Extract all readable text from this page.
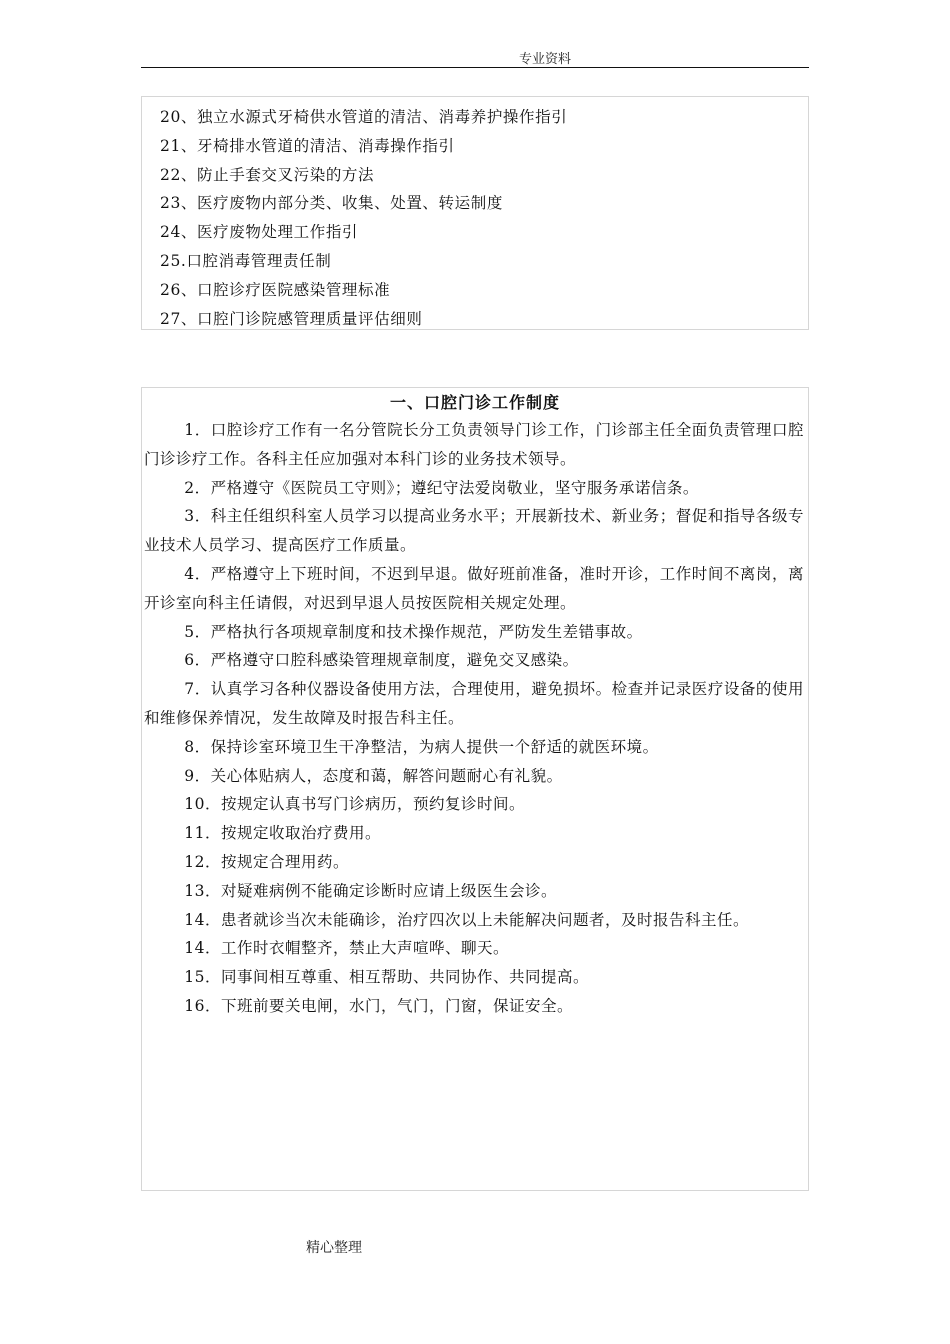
专业资料
20、独立水源式牙椅供水管道的清洁、消毒养护操作指引
21、牙椅排水管道的清洁、消毒操作指引
22、防止手套交叉污染的方法
23、医疗废物内部分类、收集、处置、转运制度
24、医疗废物处理工作指引
25.口腔消毒管理责任制
26、口腔诊疗医院感染管理标准
27、口腔门诊院感管理质量评估细则
一、口腔门诊工作制度

1．口腔诊疗工作有一名分管院长分工负责领导门诊工作，门诊部主任全面负责管理口腔门诊诊疗工作。各科主任应加强对本科门诊的业务技术领导。

2．严格遵守《医院员工守则》；遵纪守法爱岗敬业，坚守服务承诺信条。

3．科主任组织科室人员学习以提高业务水平；开展新技术、新业务；督促和指导各级专业技术人员学习、提高医疗工作质量。

4．严格遵守上下班时间，不迟到早退。做好班前准备，准时开诊，工作时间不离岗，离开诊室向科主任请假，对迟到早退人员按医院相关规定处理。

5．严格执行各项规章制度和技术操作规范，严防发生差错事故。

6．严格遵守口腔科感染管理规章制度，避免交叉感染。

7．认真学习各种仪器设备使用方法，合理使用，避免损坏。检查并记录医疗设备的使用和维修保养情况，发生故障及时报告科主任。

8．保持诊室环境卫生干净整洁，为病人提供一个舒适的就医环境。

9．关心体贴病人，态度和蔼，解答问题耐心有礼貌。

10．按规定认真书写门诊病历，预约复诊时间。

11．按规定收取治疗费用。

12．按规定合理用药。

13．对疑难病例不能确定诊断时应请上级医生会诊。

14．患者就诊当次未能确诊，治疗四次以上未能解决问题者，及时报告科主任。

14．工作时衣帽整齐，禁止大声喧哗、聊天。

15．同事间相互尊重、相互帮助、共同协作、共同提高。

16．下班前要关电闸，水门，气门，门窗，保证安全。

精心整理
